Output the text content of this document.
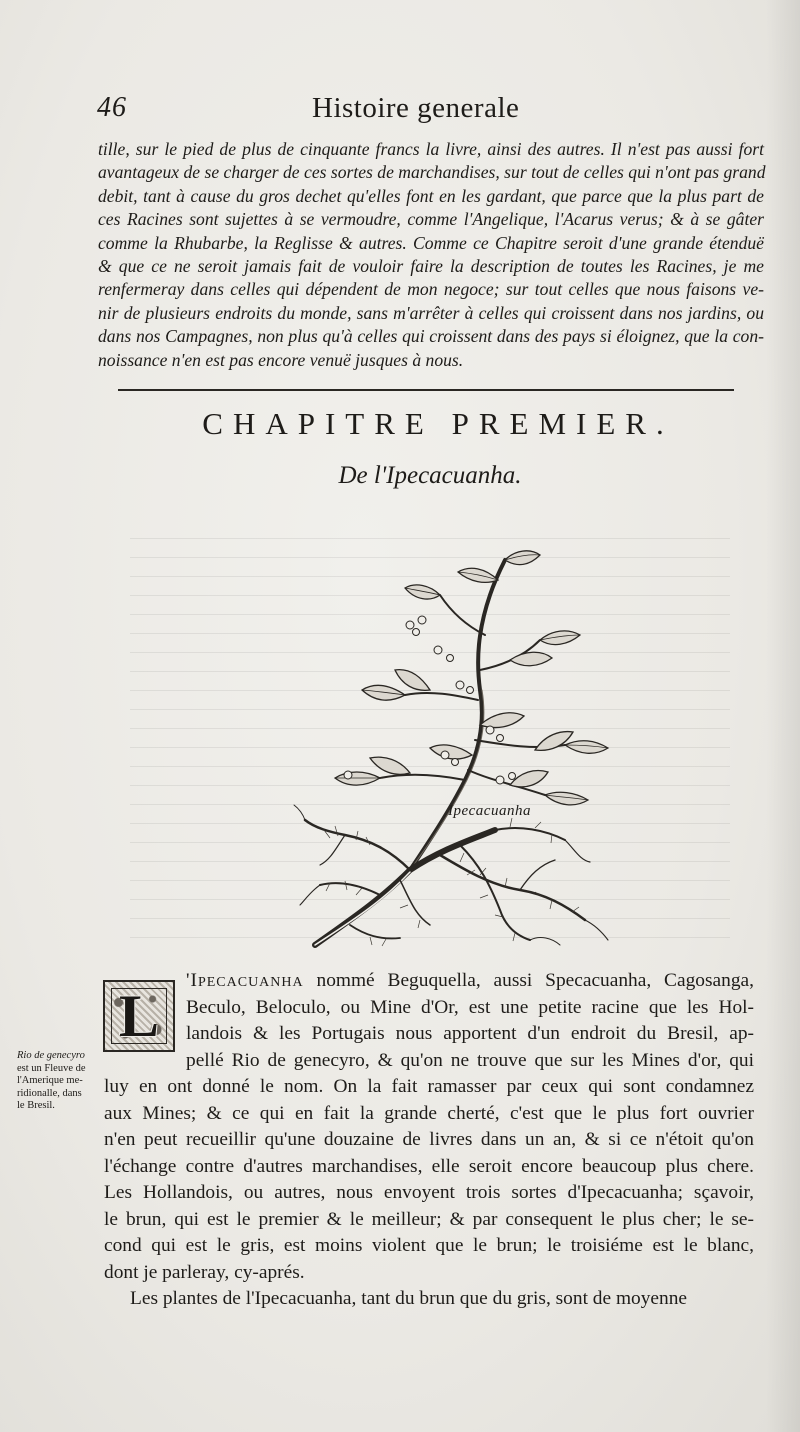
46	Histoire generale
tille, sur le pied de plus de cinquante francs la livre, ainsi des autres. Il n'est pas aussi fort
avantageux de se charger de ces sortes de marchandises, sur tout de celles qui n'ont pas grand
debit, tant à cause du gros dechet qu'elles font en les gardant, que parce que la plus part de
ces Racines sont sujettes à se vermoudre, comme l'Angelique, l'Acarus verus; & à se gâter
comme la Rhubarbe, la Reglisse & autres. Comme ce Chapitre seroit d'une grande étenduë
& que ce ne seroit jamais fait de vouloir faire la description de toutes les Racines, je me
renfermeray dans celles qui dépendent de mon negoce; sur tout celles que nous faisons ve-
nir de plusieurs endroits du monde, sans m'arrêter à celles qui croissent dans nos jardins, ou
dans nos Campagnes, non plus qu'à celles qui croissent dans des pays si éloignez, que la con-
noissance n'en est pas encore venuë jusques à nous.
CHAPITRE PREMIER.
De l'Ipecacuanha.
Ipecacuanha
L
Rio de genecyro
est un Fleuve de
l'Amerique me-
ridionalle, dans
le Bresil.
'Ipecacuanha nommé Beguquella, aussi Specacuanha, Cagosanga,
Beculo, Beloculo, ou Mine d'Or, est une petite racine que les Hol-
landois & les Portugais nous apportent d'un endroit du Bresil, ap-
pellé Rio de genecyro, & qu'on ne trouve que sur les Mines d'or, qui
luy en ont donné le nom. On la fait ramasser par ceux qui sont condamnez
aux Mines; & ce qui en fait la grande cherté, c'est que le plus fort ouvrier
n'en peut recueillir qu'une douzaine de livres dans un an, & si ce n'étoit qu'on
l'échange contre d'autres marchandises, elle seroit encore beaucoup plus chere.
Les Hollandois, ou autres, nous envoyent trois sortes d'Ipecacuanha; sçavoir,
le brun, qui est le premier & le meilleur; & par consequent le plus cher; le se-
cond qui est le gris, est moins violent que le brun; le troisiéme est le blanc,
dont je parleray, cy-aprés.
Les plantes de l'Ipecacuanha, tant du brun que du gris, sont de moyenne
